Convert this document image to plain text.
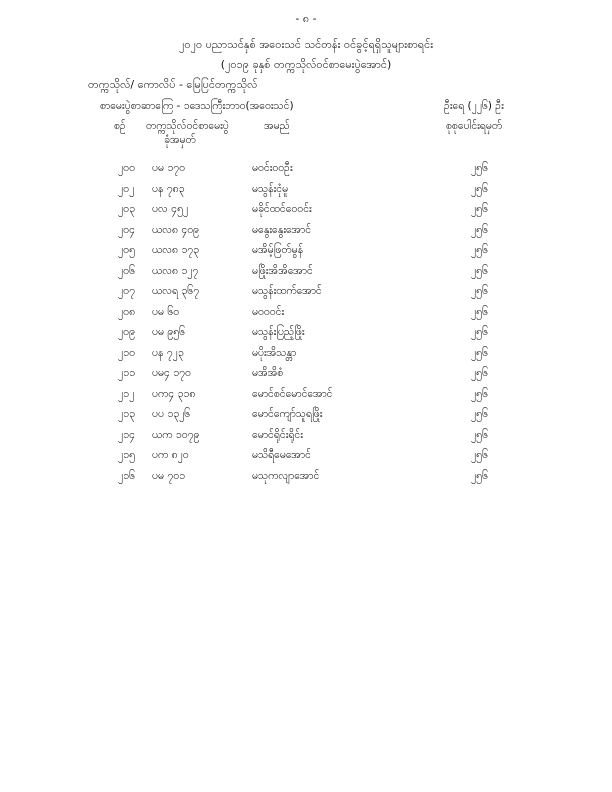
- ၈ -
၂၀၂၀ ပညာသင်နှစ် အဝေးသင် သင်တန်း ဝင်ခွင့်ရရှိသူများစာရင်း
(၂၀၁၉ ခုနှစ် တက္ကသိုလ်ဝင်စာမေးပွဲအောင်)
တက္ကသိုလ်/ ကောလိပ် - မြေပြင်တက္ကသိုလ်
စာမေးပွဲစာဆာကြေ - ၁ဒေသကြီးဘာဝ(အဝေးသင်)	ဦးရေ (၂၂၆) ဦး
စဉ် တက္ကသိုလ်ဝင်စာမေးပွဲ
ခုံအမှတ်
အမည်	စုစုပေါင်းရမှတ်
၂၀၀ ပမ ၁၇၀	မဝင်းဝဝဦး	၂၅၆
၂၀၂ ပန ၇၈၃	မသွန်းငုံမူ	၂၅၆
၂၀၃ ပလ ၄၅၂	မခိုင်ထင်ဝေဝင်း	၂၅၆
၂၀၄ ယလ၈ ၄၀၉	မနွေးနွေးအောင်	၂၅၆
၂၀၅ ယလ၈ ၁၇၃	မအိမ့်ဖြတ်မွန်	၂၅၆
၂၀၆ ယလ၈ ၁၂၇	မဖြိုးအိအိအောင်	၂၅၆
၂၀၇ ယလရ ၃၆၇	မသွန်းထက်အောင်	၂၅၆
၂၀၈ ပမ ၆၀	မဝဝဝင်း	၂၅၆
၂၀၉ ပမ ၉၅၆	မသွန်းပြည့်ဖြိုး	၂၅၆
၂၁၀ ပန ၇၂၃	မပိုးအိသန္တာ	၂၅၆
၂၁၁ ပမ၄ ၁၇၀	မအိအိစံ	၂၅၆
၂၁၂ ပက၄ ၃၁၈	မောင်စင်မောင်အောင်	၂၅၆
၂၁၃ ပပ ၁၃၂၆	မောင်ကျော်သူရဖြိုး	၂၅၆
၂၁၄ ယက ၁၀၇၉	မောင်ရိုင်းရိုင်း	၂၅၆
၂၁၅ ပက ၈၂၀	မသိရီမေအောင်	၂၅၆
၂၁၆ ပမ ၇၀၁	မသုကလျာအောင်	၂၅၆
